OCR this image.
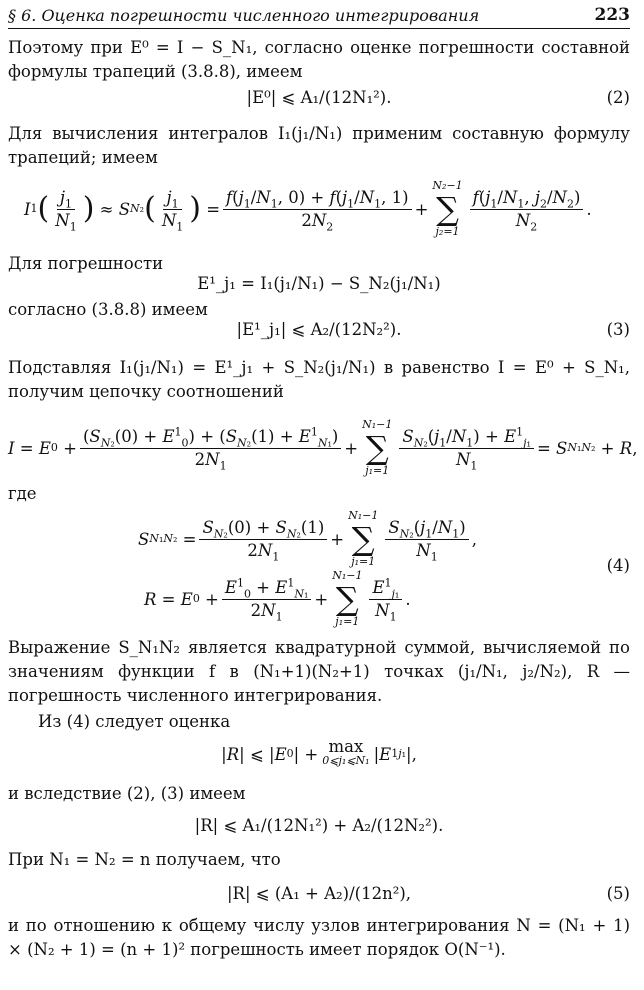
§ 6. Оценка погрешности численного интегрирования	223
Поэтому при E⁰ = I − S_N₁, согласно оценке погрешности составной формулы трапеций (3.8.8), имеем
|E⁰| ⩽ A₁/(12N₁²).	(2)
Для вычисления интегралов I₁(j₁/N₁) применим составную формулу трапеций; имеем
I 1 ( $\frac{j_1}{N_1}$ ) ≈ S N₂ ( $\frac{j_1}{N_1}$ ) = $\frac{f(j_1/N_1, 0) + f(j_1/N_1, 1)}{2N_2}$ +
N₂−1
∑
j₂=1
$\frac{f(j_1/N_1, j_2/N_2)}{N_2}$ .
Для погрешности
E¹_j₁ = I₁(j₁/N₁) − S_N₂(j₁/N₁)
согласно (3.8.8) имеем
|E¹_j₁| ⩽ A₂/(12N₂²).	(3)
Подставляя I₁(j₁/N₁) = E¹_j₁ + S_N₂(j₁/N₁) в равенство I = E⁰ + S_N₁, получим цепочку соотношений
I = E $0 + \frac{(S_{N_2}(0) + E^1_0) + (S_{N_2}(1) + E^1_{N_1})}{2N_1}$ +
N₁−1
∑
j₁=1
$\frac{S_{N_2}(j_1/N_1) + E^1_{j_1}}{N_1} = S$ N₁N₂ + R ,
где
S $N_1N_2 = \frac{S_{N_2}(0) + S_{N_2}(1)}{2N_1}$ +
N₁−1
∑
j₁=1
$\frac{S_{N_2}(j_1/N_1)}{N_1}$ ,
(4)
R = E $0 + \frac{E^1_0 + E^1_{N_1}}{2N_1}$ +
N₁−1
∑
j₁=1
$\frac{E^1_{j_1}}{N_1}$ .
Выражение S_N₁N₂ является квадратурной суммой, вычисляемой по значениям функции f в (N₁+1)(N₂+1) точках (j₁/N₁, j₂/N₂), R — погрешность численного интегрирования.
Из (4) следует оценка
| R | ⩽ | E 0 | + max
0⩽j₁⩽N₁ | E 1 j₁ |,
и вследствие (2), (3) имеем
|R| ⩽ A₁/(12N₁²) + A₂/(12N₂²).
При N₁ = N₂ = n получаем, что
|R| ⩽ (A₁ + A₂)/(12n²),	(5)
и по отношению к общему числу узлов интегрирования N = (N₁ + 1) × (N₂ + 1) = (n + 1)² погрешность имеет порядок O(N⁻¹).
